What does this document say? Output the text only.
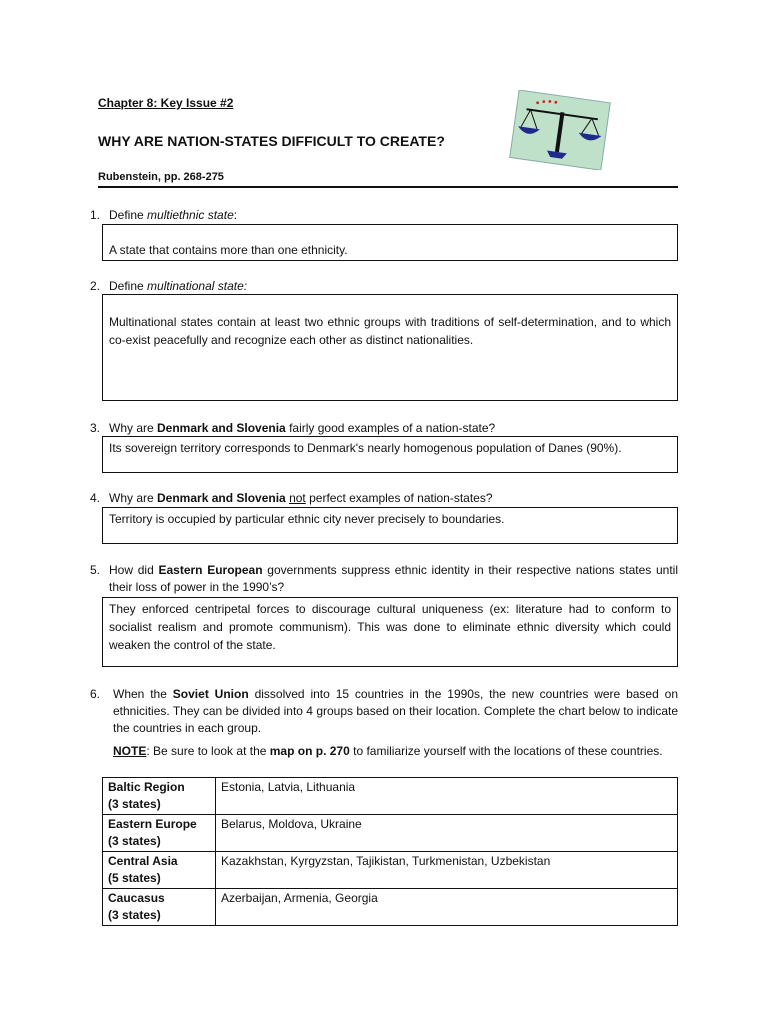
Chapter 8: Key Issue #2
WHY ARE NATION-STATES DIFFICULT TO CREATE?
Rubenstein, pp. 268-275
1. Define multiethnic state:
A state that contains more than one ethnicity.
2. Define multinational state:
Multinational states contain at least two ethnic groups with traditions of self-determination, and to which co-exist peacefully and recognize each other as distinct nationalities.
3. Why are Denmark and Slovenia fairly good examples of a nation-state?
Its sovereign territory corresponds to Denmark's nearly homogenous population of Danes (90%).
4. Why are Denmark and Slovenia not perfect examples of nation-states?
Territory is occupied by particular ethnic city never precisely to boundaries.
5. How did Eastern European governments suppress ethnic identity in their respective nations states until their loss of power in the 1990’s?
They enforced centripetal forces to discourage cultural uniqueness (ex: literature had to conform to socialist realism and promote communism). This was done to eliminate ethnic diversity which could weaken the control of the state.
6. When the Soviet Union dissolved into 15 countries in the 1990s, the new countries were based on ethnicities. They can be divided into 4 groups based on their location. Complete the chart below to indicate the countries in each group.
NOTE: Be sure to look at the map on p. 270 to familiarize yourself with the locations of these countries.
Baltic Region
(3 states)	Estonia, Latvia, Lithuania
Eastern Europe
(3 states)	Belarus, Moldova, Ukraine
Central Asia
(5 states)	Kazakhstan, Kyrgyzstan, Tajikistan, Turkmenistan, Uzbekistan
Caucasus
(3 states)	Azerbaijan, Armenia, Georgia
